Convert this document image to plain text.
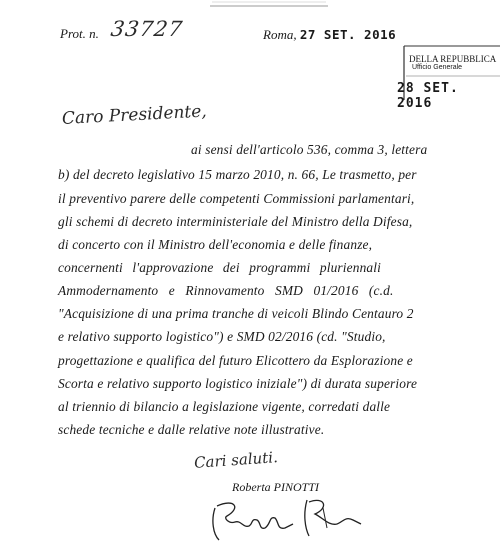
Prot. n. 33727	Roma, 27 SET. 2016
DELLA REPUBBLICA
Ufficio Generale
28 SET. 2016
Caro Presidente,
ai sensi dell'articolo 536, comma 3, lettera
b) del decreto legislativo 15 marzo 2010, n. 66, Le trasmetto, per
il preventivo parere delle competenti Commissioni parlamentari,
gli schemi di decreto interministeriale del Ministro della Difesa,
di concerto con il Ministro dell'economia e delle finanze,
concernenti l'approvazione dei programmi pluriennali
Ammodernamento e Rinnovamento SMD 01/2016 (c.d.
"Acquisizione di una prima tranche di veicoli Blindo Centauro 2
e relativo supporto logistico") e SMD 02/2016 (cd. "Studio,
progettazione e qualifica del futuro Elicottero da Esplorazione e
Scorta e relativo supporto logistico iniziale") di durata superiore
al triennio di bilancio a legislazione vigente, corredati dalle
schede tecniche e dalle relative note illustrative.
Cari saluti.
Roberta PINOTTI
